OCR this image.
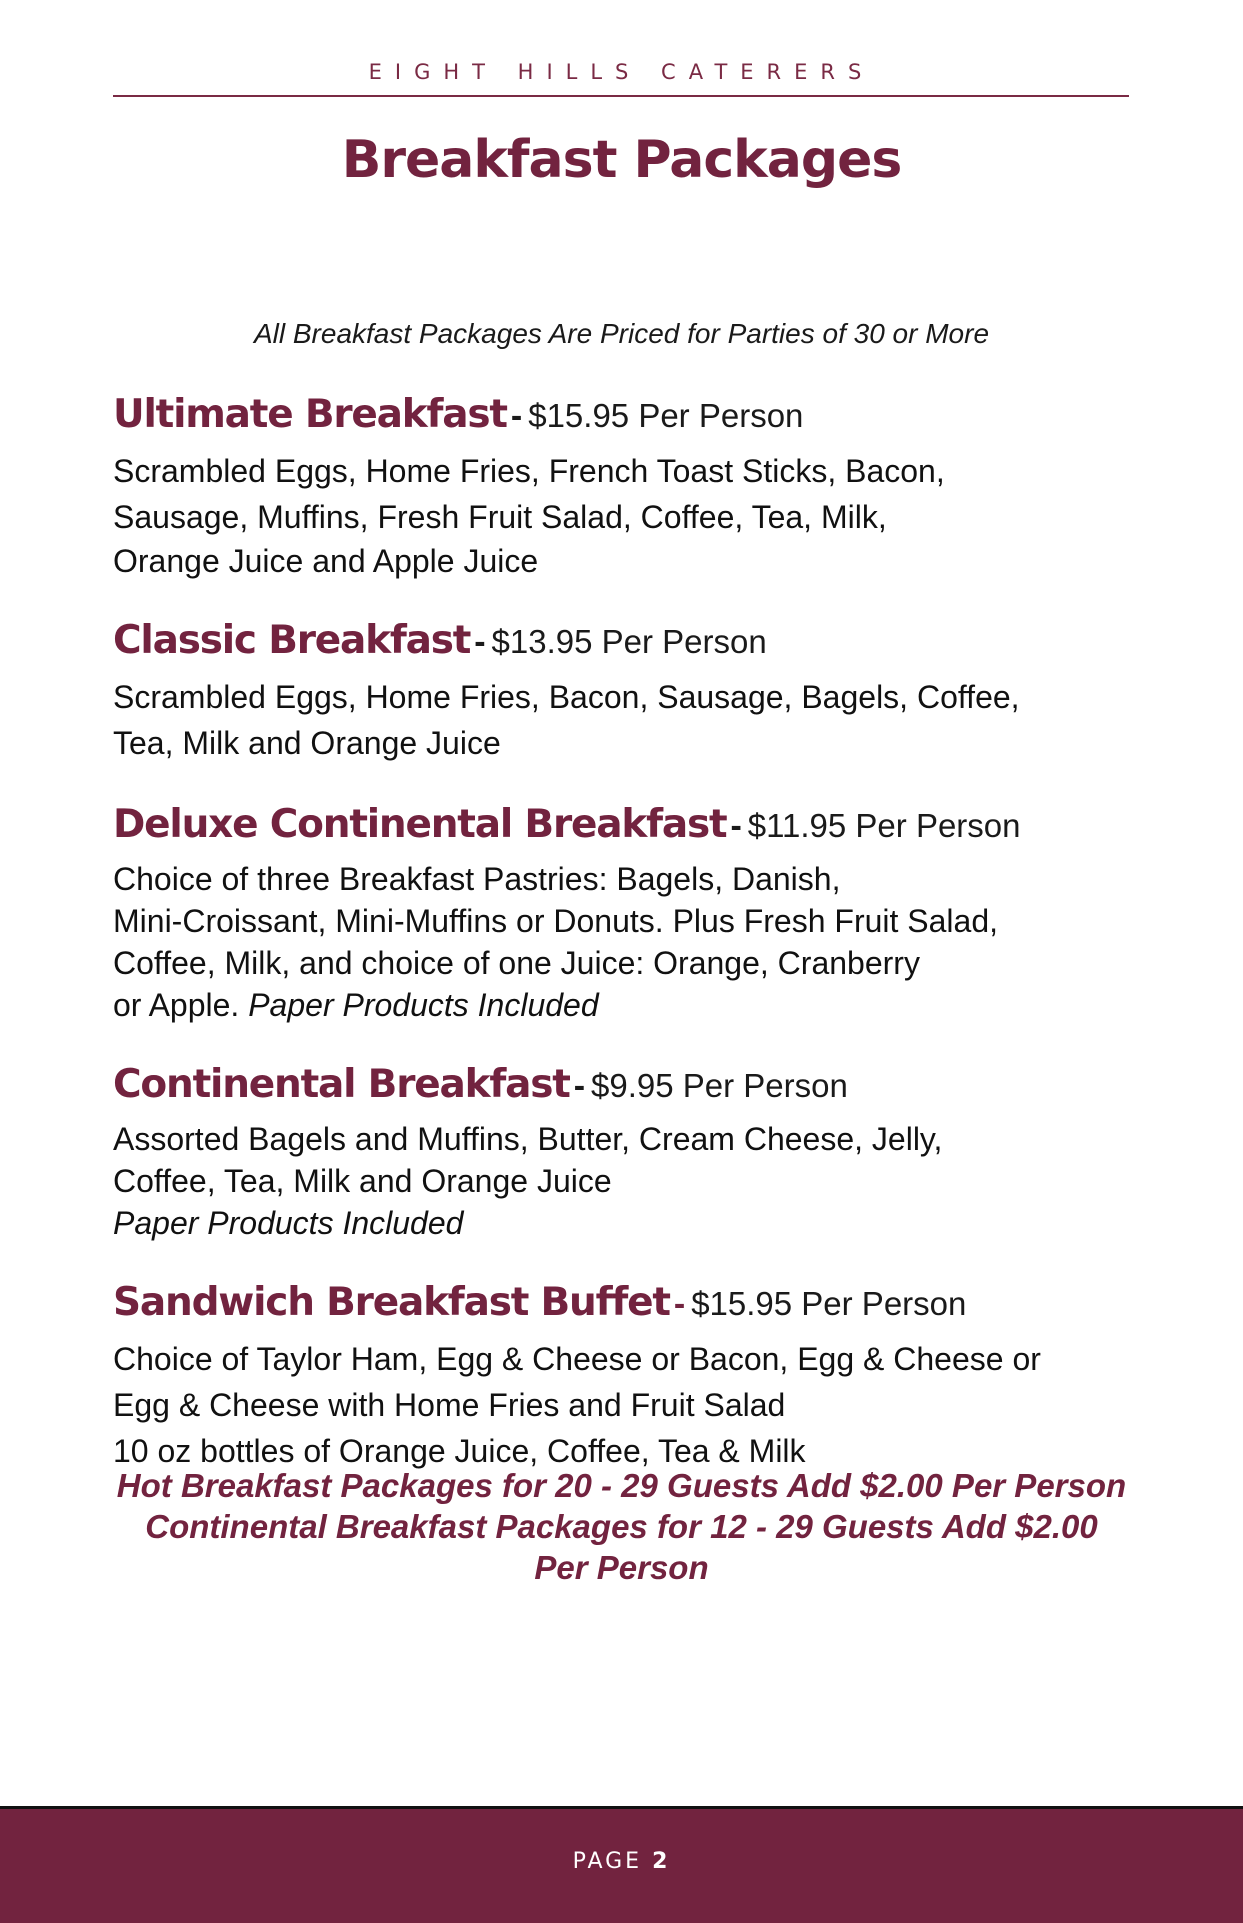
EIGHT HILLS CATERERS
Breakfast Packages
All Breakfast Packages Are Priced for Parties of 30 or More
Ultimate Breakfast - $15.95 Per Person
Scrambled Eggs, Home Fries, French Toast Sticks, Bacon,
Sausage, Muffins, Fresh Fruit Salad, Coffee, Tea, Milk,
Orange Juice and Apple Juice
Classic Breakfast - $13.95 Per Person
Scrambled Eggs, Home Fries, Bacon, Sausage, Bagels, Coffee,
Tea, Milk and Orange Juice
Deluxe Continental Breakfast - $11.95 Per Person
Choice of three Breakfast Pastries: Bagels, Danish,
Mini-Croissant, Mini-Muffins or Donuts. Plus Fresh Fruit Salad,
Coffee, Milk, and choice of one Juice: Orange, Cranberry
or Apple. Paper Products Included
Continental Breakfast - $9.95 Per Person
Assorted Bagels and Muffins, Butter, Cream Cheese, Jelly,
Coffee, Tea, Milk and Orange Juice
Paper Products Included
Sandwich Breakfast Buffet - $15.95 Per Person
Choice of Taylor Ham, Egg & Cheese or Bacon, Egg & Cheese or
Egg & Cheese with Home Fries and Fruit Salad
10 oz bottles of Orange Juice, Coffee, Tea & Milk
Hot Breakfast Packages for 20 - 29 Guests Add $2.00 Per Person
Continental Breakfast Packages for 12 - 29 Guests Add $2.00
Per Person
PAGE 2
